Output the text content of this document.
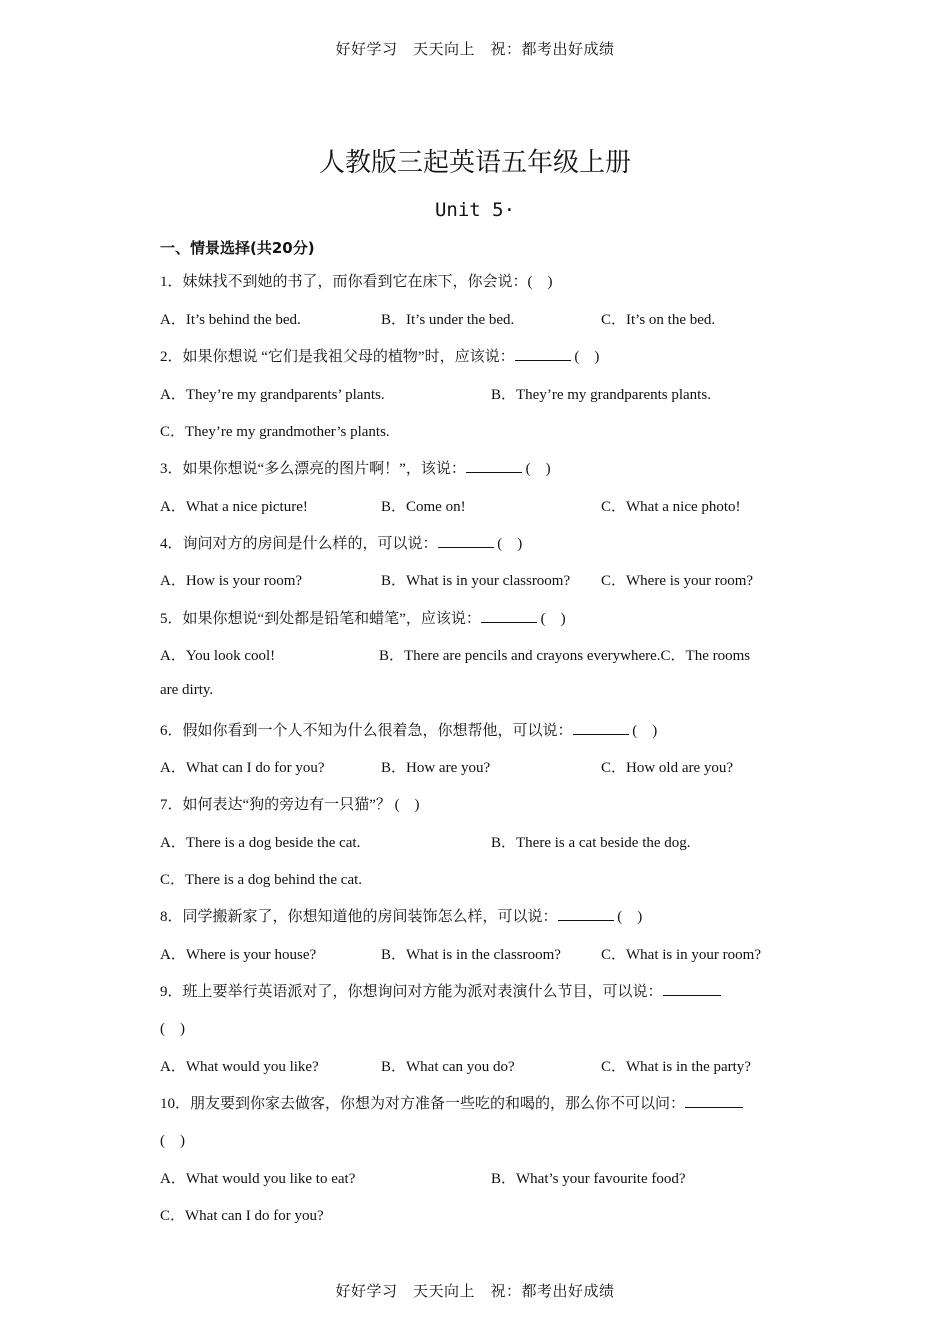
好好学习　天天向上　祝：都考出好成绩
人教版三起英语五年级上册
Unit 5·
一、情景选择(共20分)
1．妹妹找不到她的书了，而你看到它在床下，你会说：(　)
A．It’s behind the bed.	B．It’s under the bed.	C．It’s on the bed.
2．如果你想说 “它们是我祖父母的植物”时，应该说：	(　)
A．They’re my grandparents’ plants.	B．They’re my grandparents plants.
C．They’re my grandmother’s plants.
3．如果你想说“多么漂亮的图片啊！”，该说：	(　)
A．What a nice picture!	B．Come on!	C．What a nice photo!
4．询问对方的房间是什么样的，可以说：	(　)
A．How is your room?	B．What is in your classroom? C．Where is your room?
5．如果你想说“到处都是铅笔和蜡笔”，应该说：	(　)
A．You look cool!	B．There are pencils and crayons everywhere.C．The rooms
are dirty.
6．假如你看到一个人不知为什么很着急，你想帮他，可以说：	(　)
A．What can I do for you?	B．How are you?	C．How old are you?
7．如何表达“狗的旁边有一只猫”？ (　)
A．There is a dog beside the cat.	B．There is a cat beside the dog.
C．There is a dog behind the cat.
8．同学搬新家了，你想知道他的房间装饰怎么样，可以说：	(　)
A．Where is your house?	B．What is in the classroom?	C．What is in your room?
9．班上要举行英语派对了，你想询问对方能为派对表演什么节目，可以说：
(　)
A．What would you like?	B．What can you do?	C．What is in the party?
10．朋友要到你家去做客，你想为对方准备一些吃的和喝的，那么你不可以问：
(　)
A．What would you like to eat?	B．What’s your favourite food?
C．What can I do for you?
好好学习　天天向上　祝：都考出好成绩
